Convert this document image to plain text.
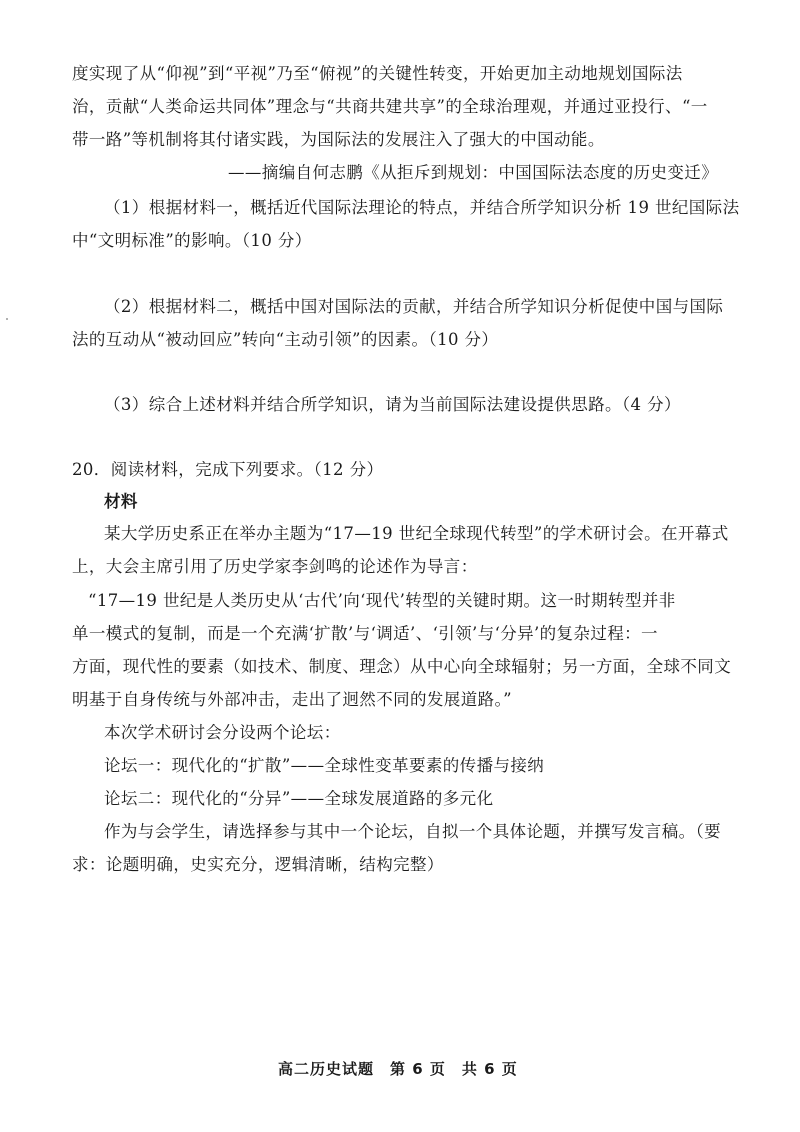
度实现了从“仰视”到“平视”乃至“俯视”的关键性转变，开始更加主动地规划国际法
治，贡献“人类命运共同体”理念与“共商共建共享”的全球治理观，并通过亚投行、“一
带一路”等机制将其付诸实践，为国际法的发展注入了强大的中国动能。
——摘编自何志鹏《从拒斥到规划：中国国际法态度的历史变迁》
（1）根据材料一，概括近代国际法理论的特点，并结合所学知识分析 19 世纪国际法
中“文明标准”的影响。（10 分）
（2）根据材料二，概括中国对国际法的贡献，并结合所学知识分析促使中国与国际
法的互动从“被动回应”转向“主动引领”的因素。（10 分）
（3）综合上述材料并结合所学知识，请为当前国际法建设提供思路。（4 分）
20．阅读材料，完成下列要求。（12 分）
材料
某大学历史系正在举办主题为“17—19 世纪全球现代转型”的学术研讨会。在开幕式
上，大会主席引用了历史学家李剑鸣的论述作为导言：
“17—19 世纪是人类历史从‘古代’向‘现代’转型的关键时期。这一时期转型并非
单一模式的复制，而是一个充满‘扩散’与‘调适’、‘引领’与‘分异’的复杂过程：一
方面，现代性的要素（如技术、制度、理念）从中心向全球辐射；另一方面，全球不同文
明基于自身传统与外部冲击，走出了迥然不同的发展道路。”
本次学术研讨会分设两个论坛：
论坛一：现代化的“扩散”——全球性变革要素的传播与接纳
论坛二：现代化的“分异”——全球发展道路的多元化
作为与会学生，请选择参与其中一个论坛，自拟一个具体论题，并撰写发言稿。（要
求：论题明确，史实充分，逻辑清晰，结构完整）
高二历史试题　第 6 页　共 6 页
